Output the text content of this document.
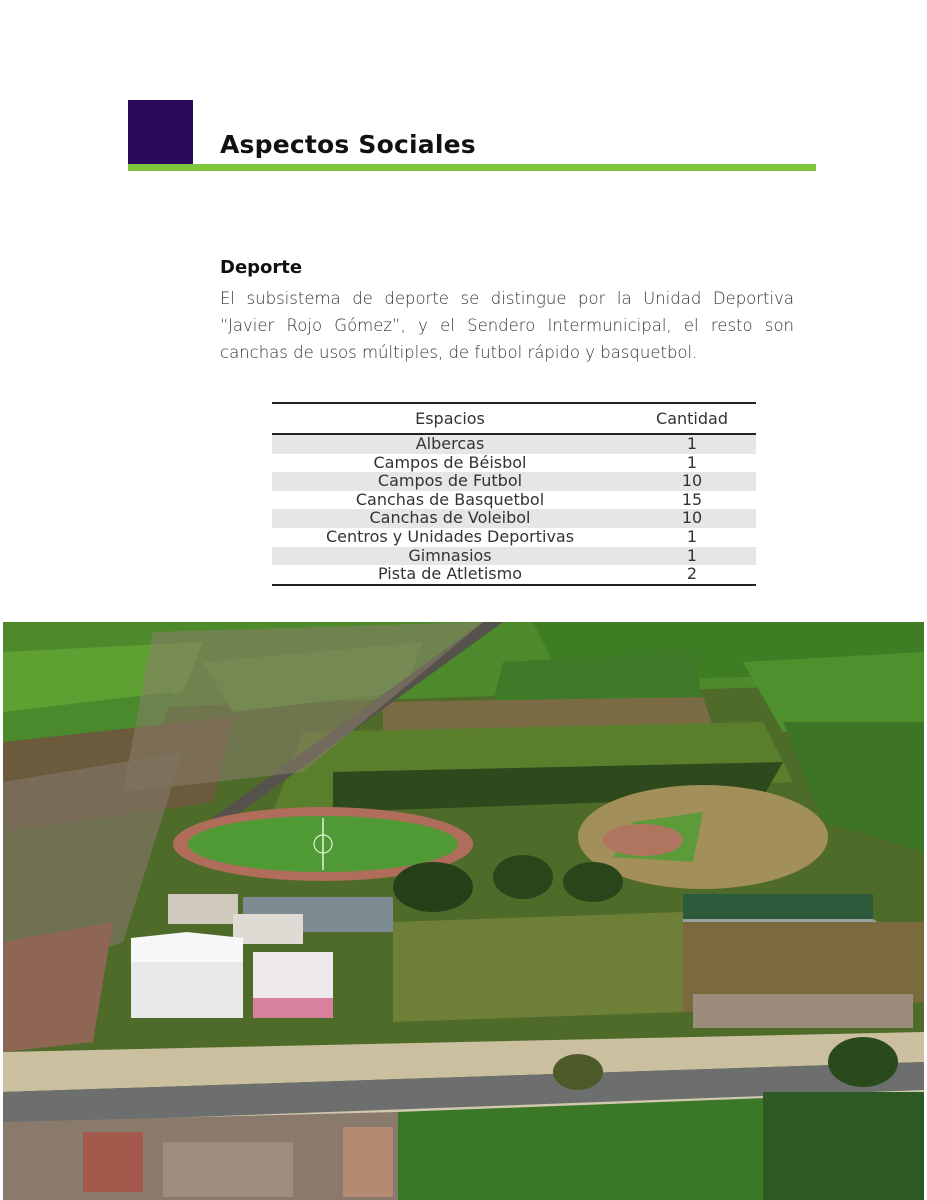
Aspectos Sociales
Deporte

El subsistema de deporte se distingue por la Unidad Deportiva “Javier Rojo Gómez”, y el Sendero Intermunicipal, el resto son canchas de usos múltiples, de futbol rápido y basquetbol.

Espacios	Cantidad
Albercas	1
Campos de Béisbol	1
Campos de Futbol	10
Canchas de Basquetbol	15
Canchas de Voleibol	10
Centros y Unidades Deportivas	1
Gimnasios	1
Pista de Atletismo	2
